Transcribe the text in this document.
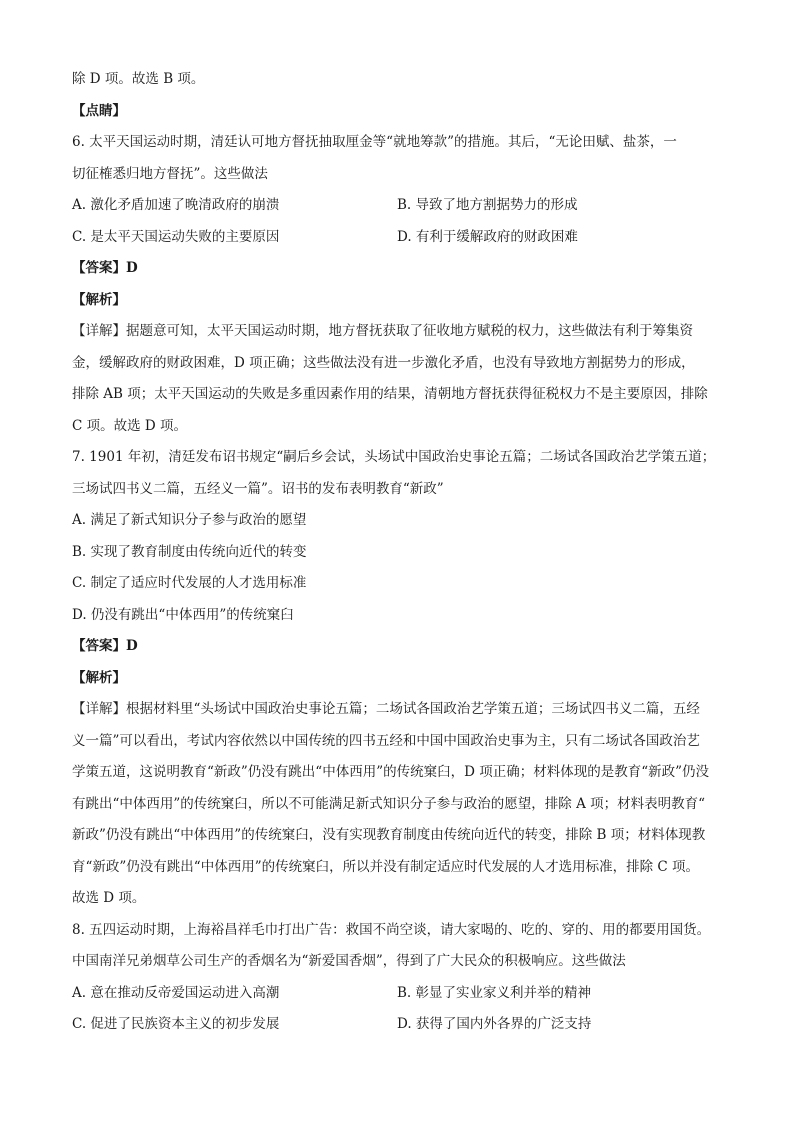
除 D 项。故选 B 项。
【点睛】
6. 太平天国运动时期，清廷认可地方督抚抽取厘金等“就地筹款”的措施。其后，“无论田赋、盐茶，一
切征榷悉归地方督抚”。这些做法
A. 激化矛盾加速了晚清政府的崩溃	B. 导致了地方割据势力的形成
C. 是太平天国运动失败的主要原因	D. 有利于缓解政府的财政困难
【答案】D
【解析】
【详解】据题意可知，太平天国运动时期，地方督抚获取了征收地方赋税的权力，这些做法有利于筹集资
金，缓解政府的财政困难，D 项正确；这些做法没有进一步激化矛盾，也没有导致地方割据势力的形成，
排除 AB 项；太平天国运动的失败是多重因素作用的结果，清朝地方督抚获得征税权力不是主要原因，排除
C 项。故选 D 项。
7. 1901 年初，清廷发布诏书规定“嗣后乡会试，头场试中国政治史事论五篇；二场试各国政治艺学策五道；
三场试四书义二篇，五经义一篇”。诏书的发布表明教育“新政”
A. 满足了新式知识分子参与政治的愿望
B. 实现了教育制度由传统向近代的转变
C. 制定了适应时代发展的人才选用标准
D. 仍没有跳出“中体西用”的传统窠臼
【答案】D
【解析】
【详解】根据材料里“头场试中国政治史事论五篇；二场试各国政治艺学策五道；三场试四书义二篇，五经
义一篇”可以看出，考试内容依然以中国传统的四书五经和中国中国政治史事为主，只有二场试各国政治艺
学策五道，这说明教育“新政”仍没有跳出“中体西用”的传统窠臼，D 项正确；材料体现的是教育“新政”仍没
有跳出“中体西用”的传统窠臼，所以不可能满足新式知识分子参与政治的愿望，排除 A 项；材料表明教育“
新政”仍没有跳出“中体西用”的传统窠臼，没有实现教育制度由传统向近代的转变，排除 B 项；材料体现教
育“新政”仍没有跳出“中体西用”的传统窠臼，所以并没有制定适应时代发展的人才选用标准，排除 C 项。
故选 D 项。
8. 五四运动时期，上海裕昌祥毛巾打出广告：救国不尚空谈，请大家喝的、吃的、穿的、用的都要用国货。
中国南洋兄弟烟草公司生产的香烟名为“新爱国香烟”，得到了广大民众的积极响应。这些做法
A. 意在推动反帝爱国运动进入高潮	B. 彰显了实业家义利并举的精神
C. 促进了民族资本主义的初步发展	D. 获得了国内外各界的广泛支持
